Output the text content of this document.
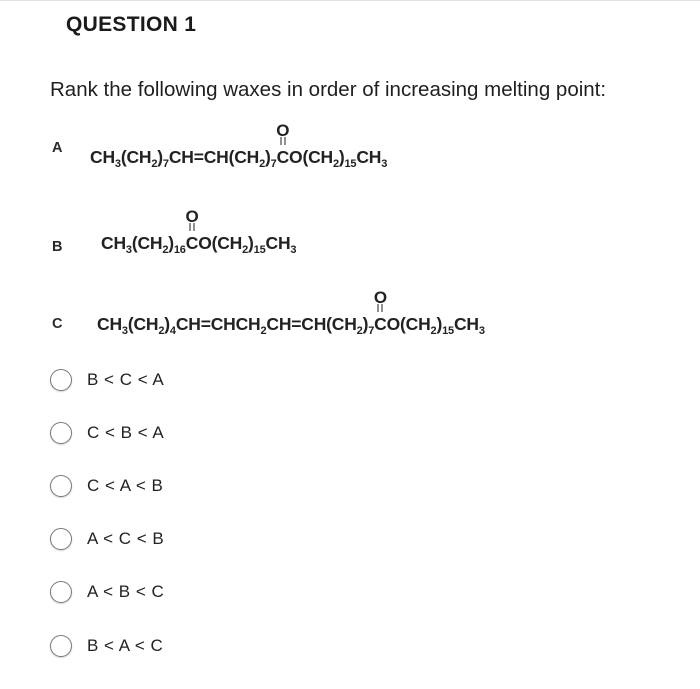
QUESTION 1
Rank the following waxes in order of increasing melting point:
A $CH_3(CH_2)_7CH=CH(CH_2)_7$
O
$CO(CH_2)_{15}CH_3$
B $CH_3(CH_2)_{16}$
O
$CO(CH_2)_{15}CH_3$
C $CH_3(CH_2)_4CH=CHCH_2CH=CH(CH_2)_7$
O
$CO(CH_2)_{15}CH_3$
B < C < A
C < B < A
C < A < B
A < C < B
A < B < C
B < A < C
